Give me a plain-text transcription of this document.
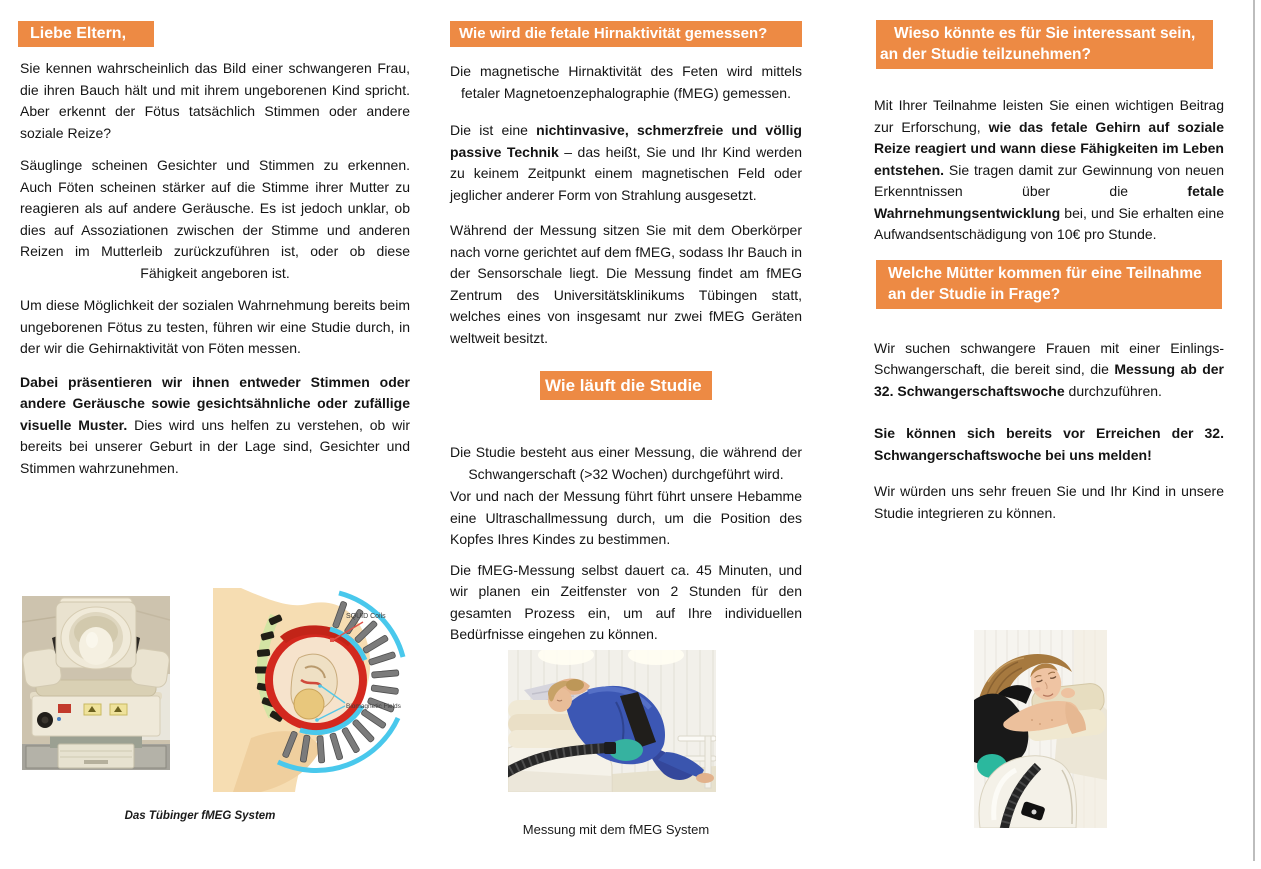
Liebe Eltern,

Sie kennen wahrscheinlich das Bild einer schwangeren Frau, die ihren Bauch hält und mit ihrem ungeborenen Kind spricht. Aber erkennt der Fötus tatsächlich Stimmen oder andere soziale Reize?

Säuglinge scheinen Gesichter und Stimmen zu erkennen. Auch Föten scheinen stärker auf die Stimme ihrer Mutter zu reagieren als auf andere Geräusche. Es ist jedoch unklar, ob dies auf Assoziationen zwischen der Stimme und anderen Reizen im Mutterleib zurückzuführen ist, oder ob diese Fähigkeit angeboren ist.

Um diese Möglichkeit der sozialen Wahrnehmung bereits beim ungeborenen Fötus zu testen, führen wir eine Studie durch, in der wir die Gehirnaktivität von Föten messen.

Dabei präsentieren wir ihnen entweder Stimmen oder andere Geräusche sowie gesichtsähnliche oder zufällige visuelle Muster. Dies wird uns helfen zu verstehen, ob wir bereits bei unserer Geburt in der Lage sind, Gesichter und Stimmen wahrzunehmen.

Wie wird die fetale Hirnaktivität gemessen?

Die magnetische Hirnaktivität des Feten wird mittels fetaler Magnetoenzephalographie (fMEG) gemessen.

Die ist eine nichtinvasive, schmerzfreie und völlig passive Technik – das heißt, Sie und Ihr Kind werden zu keinem Zeitpunkt einem magnetischen Feld oder jeglicher anderer Form von Strahlung ausgesetzt.

Während der Messung sitzen Sie mit dem Oberkörper nach vorne gerichtet auf dem fMEG, sodass Ihr Bauch in der Sensorschale liegt. Die Messung findet am fMEG Zentrum des Universitätsklinikums Tübingen statt, welches eines von insgesamt nur zwei fMEG Geräten weltweit besitzt.

Wie läuft die Studie

Die Studie besteht aus einer Messung, die während der Schwangerschaft (>32 Wochen) durchgeführt wird.

Vor und nach der Messung führt führt unsere Hebamme eine Ultraschallmessung durch, um die Position des Kopfes Ihres Kindes zu bestimmen.

Die fMEG-Messung selbst dauert ca. 45 Minuten, und wir planen ein Zeitfenster von 2 Stunden für den gesamten Prozess ein, um auf Ihre individuellen Bedürfnisse eingehen zu können.

Wieso könnte es für Sie interessant sein, an der Studie teilzunehmen?

Mit Ihrer Teilnahme leisten Sie einen wichtigen Beitrag zur Erforschung, wie das fetale Gehirn auf soziale Reize reagiert und wann diese Fähigkeiten im Leben entstehen. Sie tragen damit zur Gewinnung von neuen Erkenntnissen über die fetale Wahrnehmungsentwicklung bei, und Sie erhalten eine Aufwandsentschädigung von 10€ pro Stunde.

Welche Mütter kommen für eine Teilnahme an der Studie in Frage?

Wir suchen schwangere Frauen mit einer Einlings-Schwangerschaft, die bereit sind, die Messung ab der 32. Schwangerschaftswoche durchzuführen.

Sie können sich bereits vor Erreichen der 32. Schwangerschaftswoche bei uns melden!

Wir würden uns sehr freuen Sie und Ihr Kind in unsere Studie integrieren zu können.

SQUID Coils
Biomagnetic Fields
Das Tübinger fMEG System
Messung mit dem fMEG System
